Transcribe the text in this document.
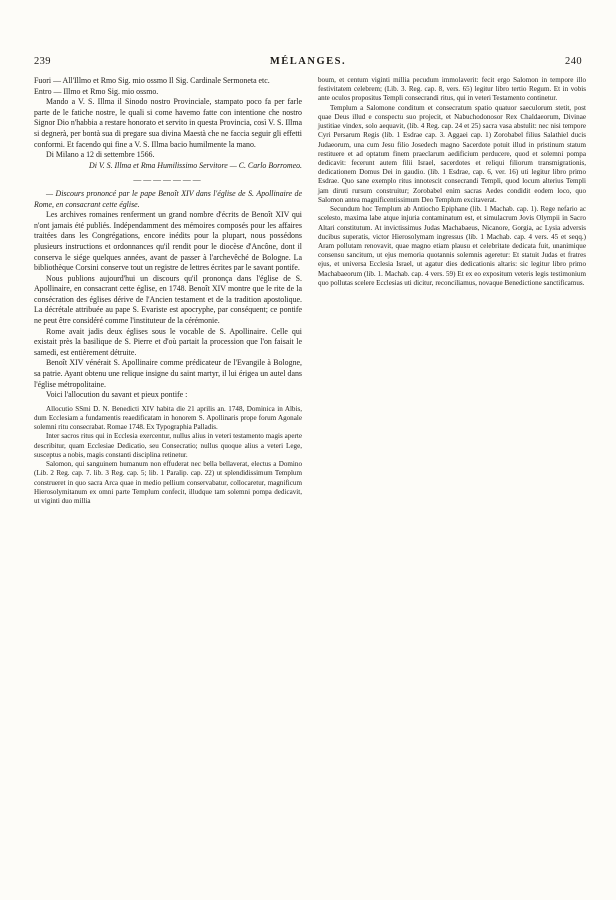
239	MÉLANGES.	240

Fuori — All'Illmo et Rmo Sig. mio ossmo Il Sig. Cardinale Sermoneta etc.

Entro — Illmo et Rmo Sig. mio ossmo.

Mando a V. S. Illma il Sinodo nostro Provinciale, stampato poco fa per farle parte de le fatiche nostre, le quali si come havemo fatte con intentione che nostro Signor Dio n'habbia a restare honorato et servito in questa Provincia, così V. S. Illma si degnerà, per bontà sua di pregare sua divina Maestà che ne faccia seguir gli effetti conformi. Et facendo qui fine a V. S. Illma bacio humilmente la mano.

Di Milano a 12 di settembre 1566.

Di V. S. Illma et Rma Humilissimo Servitore — C. Carlo Borromeo.

———————

— Discours prononcé par le pape Benoît XIV dans l'église de S. Apollinaire de Rome, en consacrant cette église.

Les archives romaines renferment un grand nombre d'écrits de Benoît XIV qui n'ont jamais été publiés. Indépendamment des mémoires composés pour les affaires traitées dans les Congrégations, encore inédits pour la plupart, nous possédons plusieurs instructions et ordonnances qu'il rendit pour le diocèse d'Ancône, dont il conserva le siége quelques années, avant de passer à l'archevêché de Bologne. La bibliothèque Corsini conserve tout un registre de lettres écrites par le savant pontife.

Nous publions aujourd'hui un discours qu'il prononça dans l'église de S. Apollinaire, en consacrant cette église, en 1748. Benoît XIV montre que le rite de la consécration des églises dérive de l'Ancien testament et de la tradition apostolique. La décrétale attribuée au pape S. Evariste est apocryphe, par conséquent; ce pontife ne peut être considéré comme l'instituteur de la cérémonie.

Rome avait jadis deux églises sous le vocable de S. Apollinaire. Celle qui existait près la basilique de S. Pierre et d'où partait la procession que l'on faisait le samedi, est entièrement détruite.

Benoît XIV vénérait S. Apollinaire comme prédicateur de l'Evangile à Bologne, sa patrie. Ayant obtenu une relique insigne du saint martyr, il lui érigea un autel dans l'église métropolitaine.

Voici l'allocution du savant et pieux pontife :

Allocutio SSmi D. N. Benedicti XIV habita die 21 aprilis an. 1748, Dominica in Albis, dum Ecclesiam a fundamentis reaedificatam in honorem S. Apollinaris prope forum Agonale solemni ritu consecrabat. Romae 1748. Ex Typographia Palladis.

Inter sacros ritus qui in Ecclesia exercentur, nullus alius in veteri testamento magis aperte describitur, quam Ecclesiae Dedicatio, seu Consecratio; nullus quoque alius a veteri Lege, susceptus a nobis, magis constanti disciplina retinetur.

Salomon, qui sanguinem humanum non effuderat nec bella bellaverat, electus a Domino (Lib. 2 Reg. cap. 7. lib. 3 Reg. cap. 5; lib. 1 Paralip. cap. 22) ut splendidissimum Templum construeret in quo sacra Arca quae in medio pellium conservabatur, collocaretur, magnificum Hierosolymitanum ex omni parte Templum confecit, illudque tam solemni pompa dedicavit, ut viginti duo millia

boum, et centum viginti millia pecudum immolaverit: fecit ergo Salomon in tempore illo festivitatem celebrem; (Lib. 3. Reg. cap. 8, vers. 65) legitur libro tertio Regum. Et in vobis ante oculos propositus Templi consecrandi ritus, qui in veteri Testamento continetur.

Templum a Salomone conditum et consecratum spatio quatuor saeculorum stetit, post quae Deus illud e conspectu suo projecit, et Nabuchodonosor Rex Chaldaeorum, Divinae justitiae vindex, solo aequavit, (lib. 4 Reg. cap. 24 et 25) sacra vasa abstulit: nec nisi tempore Cyri Persarum Regis (lib. 1 Esdrae cap. 3. Aggaei cap. 1) Zorobabel filius Salathiel ducis Judaeorum, una cum Jesu filio Josedech magno Sacerdote potuit illud in pristinum statum restituere et ad optatum finem praeclarum aedificium perducere, quod et solemni pompa dedicavit: fecerunt autem filii Israel, sacerdotes et reliqui filiorum transmigrationis, dedicationem Domus Dei in gaudio. (lib. 1 Esdrae, cap. 6, ver. 16) uti legitur libro primo Esdrae. Quo sane exemplo ritus innotescit consecrandi Templi, quod locum alterius Templi jam diruti rursum construitur; Zorobabel enim sacras Aedes condidit eodem loco, quo Salomon antea magnificentissimum Deo Templum excitaverat.

Secundum hoc Templum ab Antiocho Epiphane (lib. 1 Machab. cap. 1). Rege nefario ac scelesto, maxima labe atque injuria contaminatum est, et simulacrum Jovis Olympii in Sacro Altari constitutum. At invictissimus Judas Machabaeus, Nicanore, Gorgia, ac Lysia adversis ducibus superatis, victor Hierosolymam ingressus (lib. 1 Machab. cap. 4 vers. 45 et seqq.) Aram pollutam renovavit, quae magno etiam plausu et celebritate dedicata fuit, unanimique consensu sancitum, ut ejus memoria quotannis solemnis ageretur: Et statuit Judas et fratres ejus, et universa Ecclesia Israel, ut agatur dies dedicationis altaris: sic legitur libro primo Machabaeorum (lib. 1. Machab. cap. 4 vers. 59) Et ex eo expositum veteris legis testimonium quo pollutas scelere Ecclesias uti dicitur, reconciliamus, novaque Benedictione sanctificamus.
